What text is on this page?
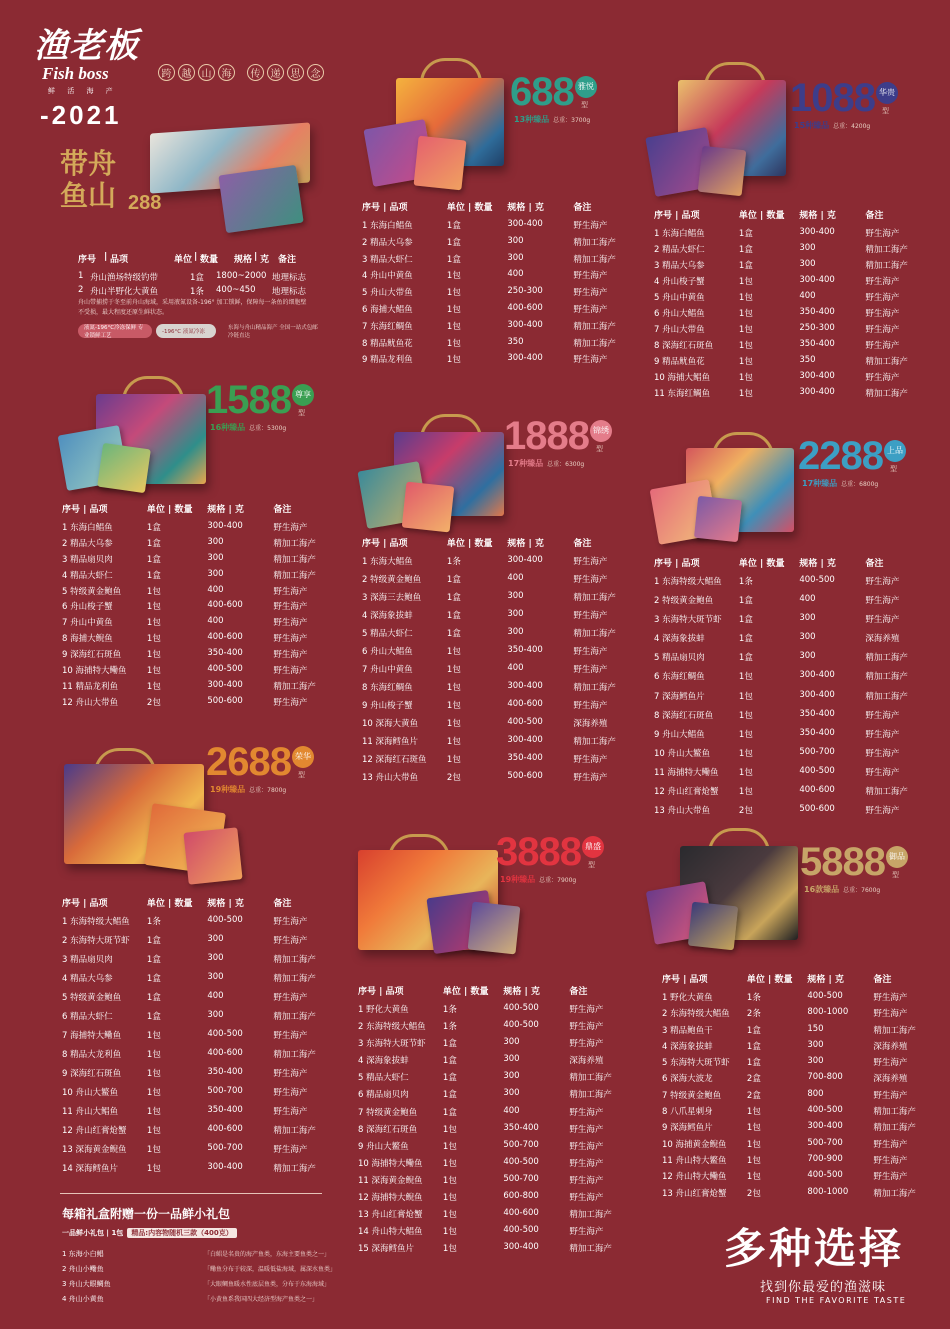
渔老板
Fish boss
鲜 活 海 产
-2021
跨	越	山	海	传	递	思	念
带舟
鱼山 288
序号 | 品项	单位 | 数量	规格 | 克 备注
1 舟山渔场特级钓带	1盒	1800~2000 地理标志
2 舟山半野化大黄鱼	1条	400~450	地理标志
舟山带捕捞于冬至前舟山海域，采用液氮设备-196° 加工锁鲜，保障每一条鱼的细胞壁不受损，最大程度还原生鲜状态。
液氮-196°C冷冻保鲜 专业锁鲜工艺
-196°C 液氮冷冻
东海与舟山精品海产 全国一站式包邮冷链直达
688 雅悦
型
13种臻品 总重：3700g
序号 | 品项	单位 | 数量	规格 | 克	备注
1 东海白鲳鱼	1盒	300-400	野生海产
2 精品大乌参	1盒	300	精加工海产
3 精品大虾仁	1盒	300	精加工海产
4 舟山中黄鱼	1包	400	野生海产
5 舟山大带鱼	1包	250-300	野生海产
6 海捕大鲳鱼	1包	400-600	野生海产
7 东海红鲷鱼	1包	300-400	精加工海产
8 精品鱿鱼花	1包	350	精加工海产
9 精品龙利鱼	1包	300-400	野生海产
1088 华贵
型
15种臻品 总重：4200g
序号 | 品项	单位 | 数量	规格 | 克	备注
1 东海白鲳鱼	1盒	300-400	野生海产
2 精品大虾仁	1盒	300	精加工海产
3 精品大乌参	1盒	300	精加工海产
4 舟山梭子蟹	1包	300-400	野生海产
5 舟山中黄鱼	1包	400	野生海产
6 舟山大鲳鱼	1包	350-400	野生海产
7 舟山大带鱼	1包	250-300	野生海产
8 深海红石斑鱼	1包	350-400	野生海产
9 精品鱿鱼花	1包	350	精加工海产
10 海捕大鲳鱼	1包	300-400	野生海产
11 东海红鲷鱼	1包	300-400	精加工海产
1588 尊享
型
16种臻品 总重：5300g
序号 | 品项	单位 | 数量	规格 | 克	备注
1 东海白鲳鱼	1盒	300-400	野生海产
2 精品大乌参	1盒	300	精加工海产
3 精品扇贝肉	1盒	300	精加工海产
4 精品大虾仁	1盒	300	精加工海产
5 特级黄金鲍鱼	1包	400	野生海产
6 舟山梭子蟹	1包	400-600	野生海产
7 舟山中黄鱼	1包	400	野生海产
8 海捕大鲵鱼	1包	400-600	野生海产
9 深海红石斑鱼	1包	350-400	野生海产
10 海捕特大鳓鱼	1包	400-500	野生海产
11 精品龙利鱼	1包	300-400	精加工海产
12 舟山大带鱼	2包	500-600	野生海产
1888 锦绣
型
17种臻品 总重：6300g
序号 | 品项	单位 | 数量	规格 | 克	备注
1 东海大鲳鱼	1条	300-400	野生海产
2 特级黄金鲍鱼	1盒	400	野生海产
3 深海三去鲍鱼	1盒	300	精加工海产
4 深海象拔蚌	1盒	300	野生海产
5 精品大虾仁	1盒	300	精加工海产
6 舟山大鲳鱼	1包	350-400	野生海产
7 舟山中黄鱼	1包	400	野生海产
8 东海红鲷鱼	1包	300-400	精加工海产
9 舟山梭子蟹	1包	400-600	野生海产
10 深海大黄鱼	1包	400-500	深海养殖
11 深海鳕鱼片	1包	300-400	精加工海产
12 深海红石斑鱼	1包	350-400	野生海产
13 舟山大带鱼	2包	500-600	野生海产
2288 上品
型
17种臻品 总重：6800g
序号 | 品项	单位 | 数量	规格 | 克	备注
1 东海特级大鲳鱼	1条	400-500	野生海产
2 特级黄金鲍鱼	1盒	400	野生海产
3 东海特大斑节虾	1盒	300	野生海产
4 深海象拔蚌	1盒	300	深海养殖
5 精品扇贝肉	1盒	300	精加工海产
6 东海红鲷鱼	1包	300-400	精加工海产
7 深海鳕鱼片	1包	300-400	精加工海产
8 深海红石斑鱼	1包	350-400	野生海产
9 舟山大鲳鱼	1包	350-400	野生海产
10 舟山大鳘鱼	1包	500-700	野生海产
11 海捕特大鳓鱼	1包	400-500	野生海产
12 舟山红膏炝蟹	1包	400-600	精加工海产
13 舟山大带鱼	2包	500-600	野生海产
2688 荣华
型
19种臻品 总重：7800g
序号 | 品项	单位 | 数量	规格 | 克	备注
1 东海特级大鲳鱼	1条	400-500	野生海产
2 东海特大斑节虾	1盒	300	野生海产
3 精品扇贝肉	1盒	300	精加工海产
4 精品大乌参	1盒	300	精加工海产
5 特级黄金鲍鱼	1盒	400	野生海产
6 精品大虾仁	1盒	300	精加工海产
7 海捕特大鳓鱼	1包	400-500	野生海产
8 精品大龙利鱼	1包	400-600	精加工海产
9 深海红石斑鱼	1包	350-400	野生海产
10 舟山大鳘鱼	1包	500-700	野生海产
11 舟山大鲳鱼	1包	350-400	野生海产
12 舟山红膏炝蟹	1包	400-600	精加工海产
13 深海黄金鲵鱼	1包	500-700	野生海产
14 深海鳕鱼片	1包	300-400	精加工海产
3888 鼎盛
型
19种臻品 总重：7900g
序号 | 品项	单位 | 数量	规格 | 克	备注
1 野化大黄鱼	1条	400-500	野生海产
2 东海特级大鲳鱼	1条	400-500	野生海产
3 东海特大斑节虾	1盒	300	野生海产
4 深海象拔蚌	1盒	300	深海养殖
5 精品大虾仁	1盒	300	精加工海产
6 精品扇贝肉	1盒	300	精加工海产
7 特级黄金鲍鱼	1盒	400	野生海产
8 深海红石斑鱼	1包	350-400	野生海产
9 舟山大鳘鱼	1包	500-700	野生海产
10 海捕特大鳓鱼	1包	400-500	野生海产
11 深海黄金鲵鱼	1包	500-700	野生海产
12 海捕特大鲵鱼	1包	600-800	野生海产
13 舟山红膏炝蟹	1包	400-600	精加工海产
14 舟山特大鲳鱼	1包	400-500	野生海产
15 深海鳕鱼片	1包	300-400	精加工海产
5888 御品
型
16款臻品 总重：7600g
序号 | 品项	单位 | 数量	规格 | 克	备注
1 野化大黄鱼	1条	400-500	野生海产
2 东海特级大鲳鱼	2条	800-1000	野生海产
3 精品鲍鱼干	1盒	150	精加工海产
4 深海象拔蚌	1盒	300	深海养殖
5 东海特大斑节虾	1盒	300	野生海产
6 深海大波龙	2盒	700-800	深海养殖
7 特级黄金鲍鱼	2盒	800	野生海产
8 八爪星刺身	1包	400-500	精加工海产
9 深海鳕鱼片	1包	300-400	精加工海产
10 海捕黄金鲵鱼	1包	500-700	野生海产
11 舟山特大鳘鱼	1包	700-900	野生海产
12 舟山特大鳓鱼	1包	400-500	野生海产
13 舟山红膏炝蟹	2包	800-1000	精加工海产
每箱礼盒附赠一份一品鲜小礼包
一品鲜小礼包 | 1包 精品:内容物随机三款（400克）
1 东海小白鲳	「白鲳是名贵的海产鱼类，东海主要鱼类之一」
2 舟山小鳓鱼	「鳓鱼分布于较深，温暖低盐海域，属深水鱼类」
3 舟山大眼鲷鱼	「大眼鲷鱼暖水性底层鱼类，分布于东海海域」
4 舟山小黄鱼	「小黄鱼系我国四大经济型海产鱼类之一」
多种选择
找到你最爱的渔滋味
FIND THE FAVORITE TASTE
